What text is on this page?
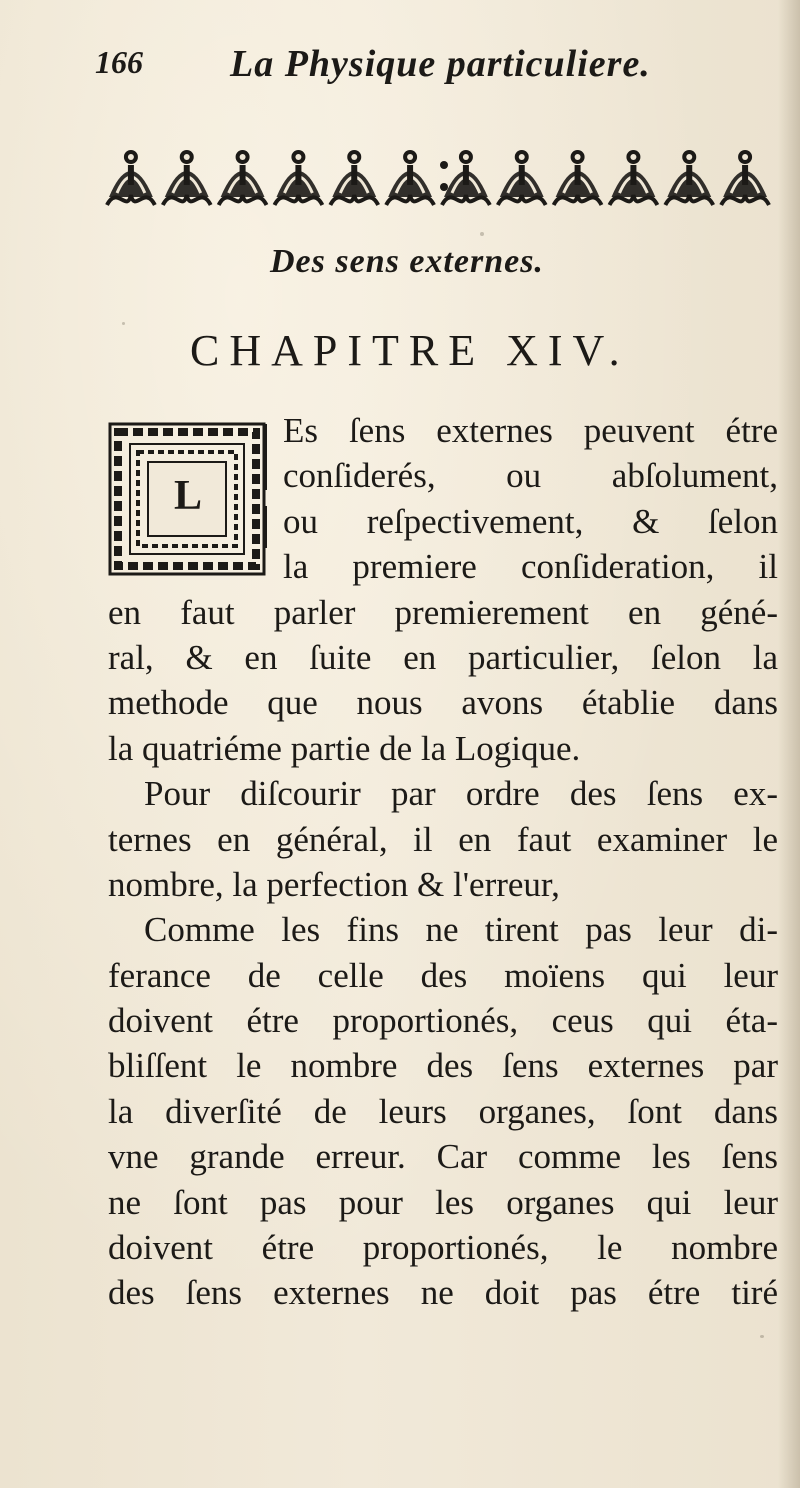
166 La Physique particuliere.
Des sens externes.
CHAPITRE XIV.
L
Es ſens externes peuvent étre
conſiderés, ou abſolument,
ou reſpectivement, & ſelon
la premiere conſideration, il
en faut parler premierement en géné-
ral, & en ſuite en particulier, ſelon la
methode que nous avons établie dans
la quatriéme partie de la Logique.
Pour diſcourir par ordre des ſens ex-
ternes en général, il en faut examiner le
nombre, la perfection & l'erreur,
Comme les fins ne tirent pas leur di-
ferance de celle des moïens qui leur
doivent étre proportionés, ceus qui éta-
bliſſent le nombre des ſens externes par
la diverſité de leurs organes, ſont dans
vne grande erreur. Car comme les ſens
ne ſont pas pour les organes qui leur
doivent étre proportionés, le nombre
des ſens externes ne doit pas étre tiré
